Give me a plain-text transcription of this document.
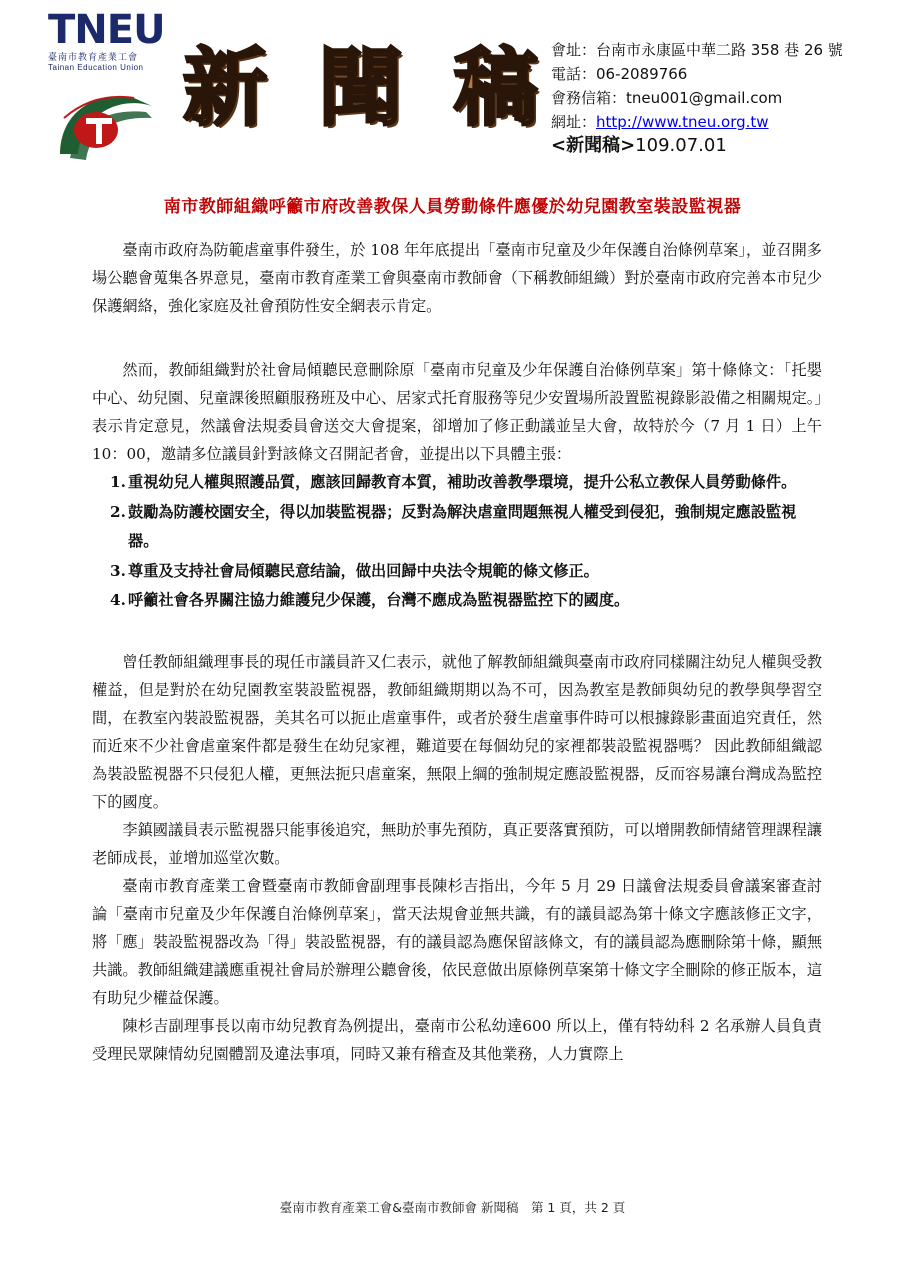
TNEU
臺南市教育產業工會
Tainan Education Union 新 聞 稿 會址：台南市永康區中華二路 358 巷 26 號
電話：06-2089766
會務信箱：tneu001@gmail.com
網址：http://www.tneu.org.tw
<新聞稿>109.07.01
南市教師組織呼籲市府改善教保人員勞動條件應優於幼兒園教室裝設監視器

臺南市政府為防範虐童事件發生，於 108 年年底提出「臺南市兒童及少年保護自治條例草案」，並召開多場公聽會蒐集各界意見，臺南市教育產業工會與臺南市教師會（下稱教師組織）對於臺南市政府完善本市兒少保護網絡，強化家庭及社會預防性安全網表示肯定。

然而，教師組織對於社會局傾聽民意刪除原「臺南市兒童及少年保護自治條例草案」第十條條文：「托嬰中心、幼兒園、兒童課後照顧服務班及中心、居家式托育服務等兒少安置場所設置監視錄影設備之相關規定。」表示肯定意見，然議會法規委員會送交大會提案，卻增加了修正動議並呈大會，故特於今（7 月 1 日）上午 10：00，邀請多位議員針對該條文召開記者會，並提出以下具體主張：

1. 重視幼兒人權與照護品質，應該回歸教育本質，補助改善教學環境，提升公私立教保人員勞動條件。
2. 鼓勵為防護校園安全，得以加裝監視器；反對為解決虐童問題無視人權受到侵犯，強制規定應設監視器。
3. 尊重及支持社會局傾聽民意结論，做出回歸中央法令規範的條文修正。
4. 呼籲社會各界關注協力維護兒少保護，台灣不應成為監視器監控下的國度。

曾任教師組織理事長的現任市議員許又仁表示，就他了解教師組織與臺南市政府同樣關注幼兒人權與受教權益，但是對於在幼兒園教室裝設監視器，教師組織期期以為不可，因為教室是教師與幼兒的教學與學習空間，在教室內裝設監視器，美其名可以扼止虐童事件，或者於發生虐童事件時可以根據錄影畫面追究責任，然而近來不少社會虐童案件都是發生在幼兒家裡，難道要在每個幼兒的家裡都裝設監視器嗎？ 因此教師組織認為裝設監視器不只侵犯人權，更無法扼只虐童案，無限上綱的強制規定應設監視器，反而容易讓台灣成為監控下的國度。

李鎮國議員表示監視器只能事後追究，無助於事先預防，真正要落實預防，可以增開教師情緒管理課程讓老師成長，並增加巡堂次數。

臺南市教育產業工會暨臺南市教師會副理事長陳杉吉指出，今年 5 月 29 日議會法規委員會議案審查討論「臺南市兒童及少年保護自治條例草案」，當天法規會並無共識，有的議員認為第十條文字應該修正文字，將「應」裝設監視器改為「得」裝設監視器，有的議員認為應保留該條文，有的議員認為應刪除第十條，顯無共識。教師組織建議應重視社會局於辦理公聽會後，依民意做出原條例草案第十條文字全刪除的修正版本，這有助兒少權益保護。

陳杉吉副理事長以南市幼兒教育為例提出，臺南市公私幼達600 所以上，僅有特幼科 2 名承辦人員負責受理民眾陳情幼兒園體罰及違法事項，同時又兼有稽查及其他業務，人力實際上

臺南市教育產業工會&臺南市教師會 新聞稿　第 1 頁，共 2 頁
